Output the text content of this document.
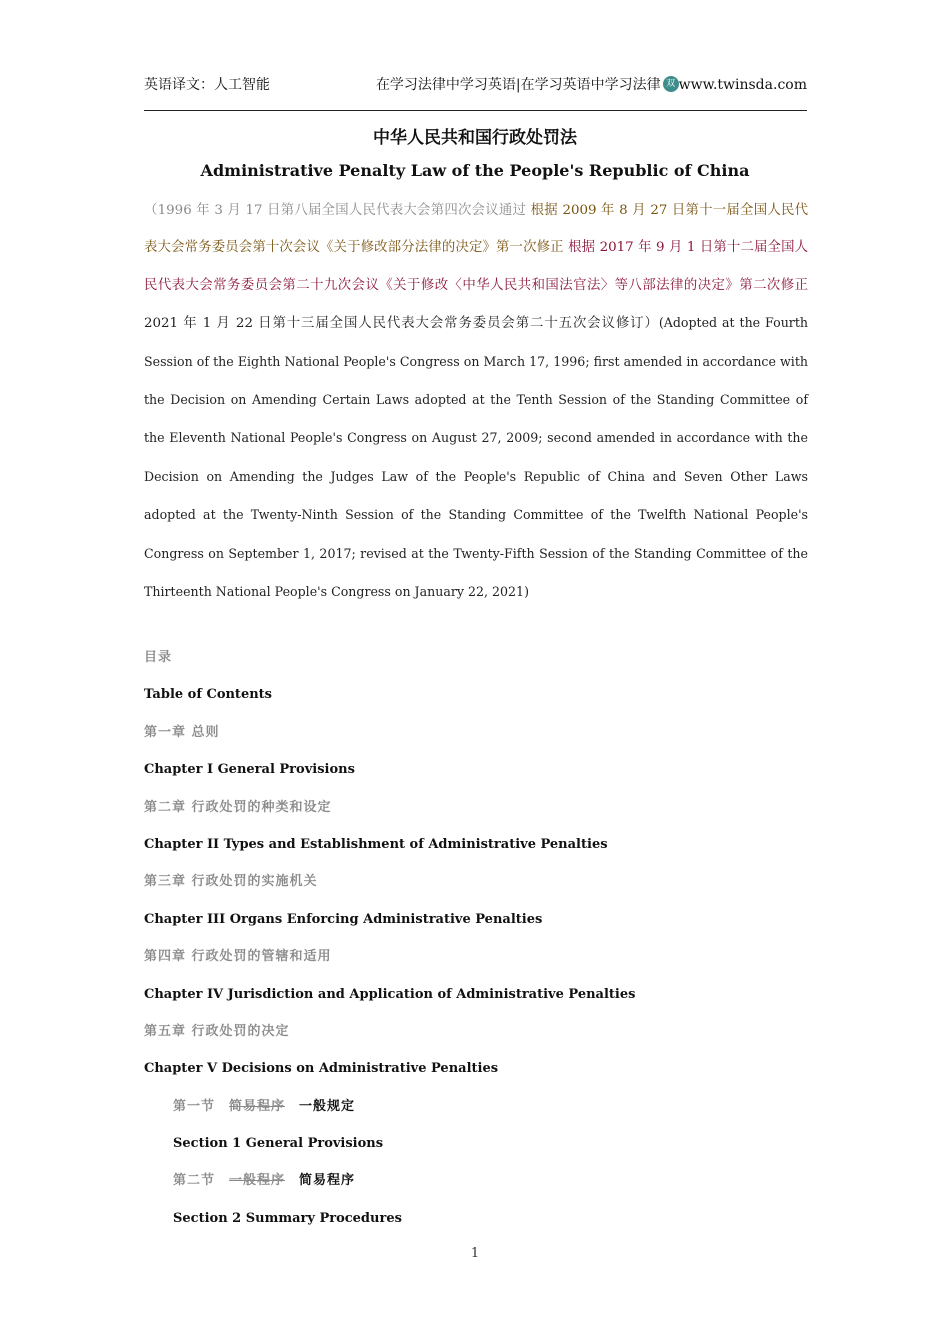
英语译文：人工智能	在学习法律中学习英语|在学习英语中学习法律 双 www.twinsda.com
中华人民共和国行政处罚法
Administrative Penalty Law of the People's Republic of China
（1996 年 3 月 17 日第八届全国人民代表大会第四次会议通过 根据 2009 年 8 月 27 日第十一届全国人民代表大会常务委员会第十次会议《关于修改部分法律的决定》第一次修正 根据 2017 年 9 月 1 日第十二届全国人民代表大会常务委员会第二十九次会议《关于修改〈中华人民共和国法官法〉等八部法律的决定》第二次修正 2021 年 1 月 22 日第十三届全国人民代表大会常务委员会第二十五次会议修订）(Adopted at the Fourth Session of the Eighth National People's Congress on March 17, 1996; first amended in accordance with the Decision on Amending Certain Laws adopted at the Tenth Session of the Standing Committee of the Eleventh National People's Congress on August 27, 2009; second amended in accordance with the Decision on Amending the Judges Law of the People's Republic of China and Seven Other Laws adopted at the Twenty-Ninth Session of the Standing Committee of the Twelfth National People's Congress on September 1, 2017; revised at the Twenty-Fifth Session of the Standing Committee of the Thirteenth National People's Congress on January 22, 2021)
目录
Table of Contents
第一章 总则
Chapter I General Provisions
第二章 行政处罚的种类和设定
Chapter II Types and Establishment of Administrative Penalties
第三章 行政处罚的实施机关
Chapter III Organs Enforcing Administrative Penalties
第四章 行政处罚的管辖和适用
Chapter IV Jurisdiction and Application of Administrative Penalties
第五章 行政处罚的决定
Chapter V Decisions on Administrative Penalties
第一节 简易程序 一般规定
Section 1 General Provisions
第二节 一般程序 简易程序
Section 2 Summary Procedures
1
